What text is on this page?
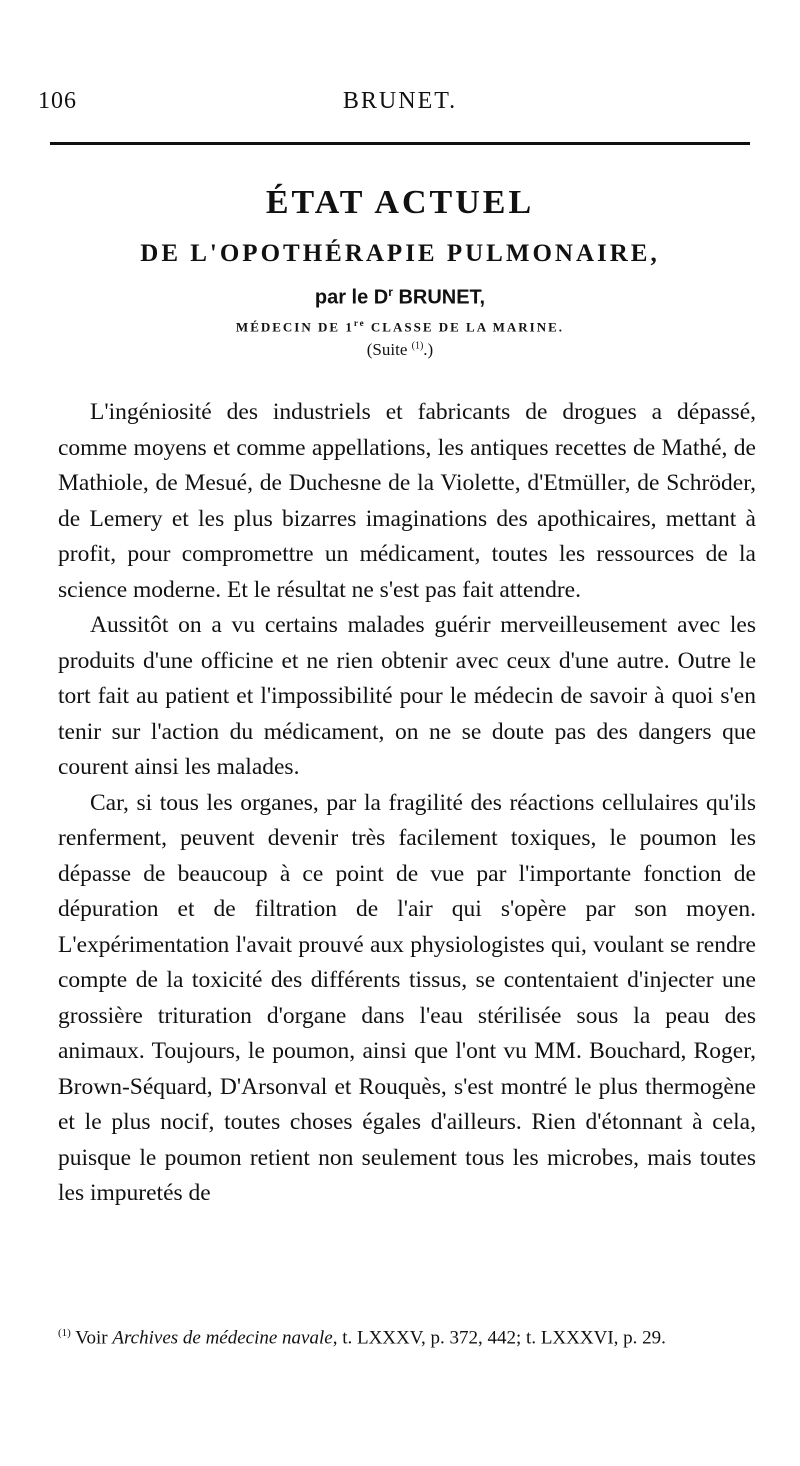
106	BRUNET.
ÉTAT ACTUEL
DE L'OPOTHÉRAPIE PULMONAIRE,
par le $D^r$ BRUNET,
MÉDECIN DE 1re CLASSE DE LA MARINE.
(Suite $^{(1)}$.)

L'ingéniosité des industriels et fabricants de drogues a dépassé, comme moyens et comme appellations, les antiques recettes de Mathé, de Mathiole, de Mesué, de Duchesne de la Violette, d'Etmüller, de Schröder, de Lemery et les plus bizarres imaginations des apothicaires, mettant à profit, pour compromettre un médicament, toutes les ressources de la science moderne. Et le résultat ne s'est pas fait attendre.

Aussitôt on a vu certains malades guérir merveilleusement avec les produits d'une officine et ne rien obtenir avec ceux d'une autre. Outre le tort fait au patient et l'impossibilité pour le médecin de savoir à quoi s'en tenir sur l'action du médicament, on ne se doute pas des dangers que courent ainsi les malades.

Car, si tous les organes, par la fragilité des réactions cellulaires qu'ils renferment, peuvent devenir très facilement toxiques, le poumon les dépasse de beaucoup à ce point de vue par l'importante fonction de dépuration et de filtration de l'air qui s'opère par son moyen. L'expérimentation l'avait prouvé aux physiologistes qui, voulant se rendre compte de la toxicité des différents tissus, se contentaient d'injecter une grossière trituration d'organe dans l'eau stérilisée sous la peau des animaux. Toujours, le poumon, ainsi que l'ont vu MM. Bouchard, Roger, Brown-Séquard, D'Arsonval et Rouquès, s'est montré le plus thermogène et le plus nocif, toutes choses égales d'ailleurs. Rien d'étonnant à cela, puisque le poumon retient non seulement tous les microbes, mais toutes les impuretés de

$^{(1)}$ Voir Archives de médecine navale, t. LXXXV, p. 372, 442; t. LXXXVI, p. 29.
